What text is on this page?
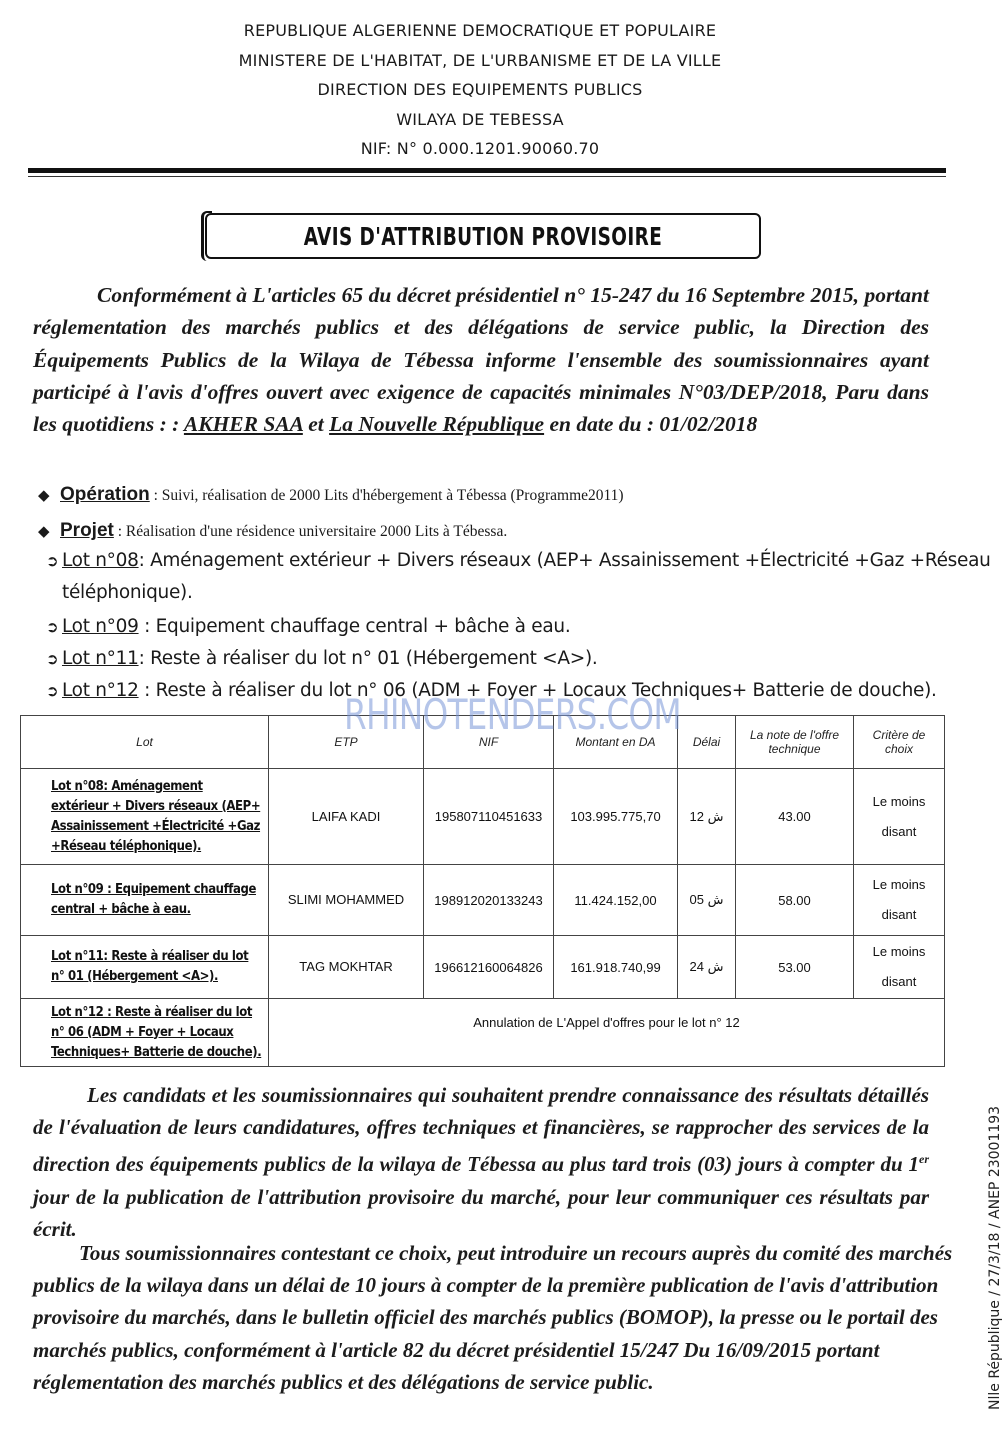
REPUBLIQUE ALGERIENNE DEMOCRATIQUE ET POPULAIRE
MINISTERE DE L'HABITAT, DE L'URBANISME ET DE LA VILLE
DIRECTION DES EQUIPEMENTS PUBLICS
WILAYA DE TEBESSA
NIF: N° 0.000.1201.90060.70
AVIS D'ATTRIBUTION PROVISOIRE
Conformément à L'articles 65 du décret présidentiel n° 15-247 du 16 Septembre 2015, portant réglementation des marchés publics et des délégations de service public, la Direction des Équipements Publics de la Wilaya de Tébessa informe l'ensemble des soumissionnaires ayant participé à l'avis d'offres ouvert avec exigence de capacités minimales N°03/DEP/2018, Paru dans les quotidiens : : AKHER SAA et La Nouvelle République en date du : 01/02/2018
◆ Opération : Suivi, réalisation de 2000 Lits d'hébergement à Tébessa (Programme2011)
◆ Projet : Réalisation d'une résidence universitaire 2000 Lits à Tébessa.
➲ Lot n°08: Aménagement extérieur + Divers réseaux (AEP+ Assainissement +Électricité +Gaz +Réseau
téléphonique).
➲ Lot n°09 : Equipement chauffage central + bâche à eau.
➲ Lot n°11: Reste à réaliser du lot n° 01 (Hébergement <A>).
➲ Lot n°12 : Reste à réaliser du lot n° 06 (ADM + Foyer + Locaux Techniques+ Batterie de douche).
Lot	ETP	NIF	Montant en DA	Délai	La note de l'offre technique	Critère de choix
Lot n°08: Aménagement extérieur + Divers réseaux (AEP+ Assainissement +Électricité +Gaz +Réseau téléphonique).	LAIFA KADI	195807110451633	103.995.775,70	12 ش	43.00	Le moins disant
Lot n°09 : Equipement chauffage central + bâche à eau.	SLIMI MOHAMMED	198912020133243	11.424.152,00	05 ش	58.00	Le moins disant
Lot n°11: Reste à réaliser du lot n° 01 (Hébergement <A>).	TAG MOKHTAR	196612160064826	161.918.740,99	24 ش	53.00	Le moins disant
Lot n°12 : Reste à réaliser du lot n° 06 (ADM + Foyer + Locaux Techniques+ Batterie de douche).	Annulation de L'Appel d'offres pour le lot n° 12					
RHINOTENDERS.COM
Les candidats et les soumissionnaires qui souhaitent prendre connaissance des résultats détaillés de l'évaluation de leurs candidatures, offres techniques et financières, se rapprocher des services de la direction des équipements publics de la wilaya de Tébessa au plus tard trois (03) jours à compter du 1er jour de la publication de l'attribution provisoire du marché, pour leur communiquer ces résultats par écrit.
Tous soumissionnaires contestant ce choix, peut introduire un recours auprès du comité des marchés publics de la wilaya dans un délai de 10 jours à compter de la première publication de l'avis d'attribution provisoire du marchés, dans le bulletin officiel des marchés publics (BOMOP), la presse ou le portail des marchés publics, conformément à l'article 82 du décret présidentiel 15/247 Du 16/09/2015 portant réglementation des marchés publics et des délégations de service public.	Nlle République / 27/3/18 / ANEP 23001193
